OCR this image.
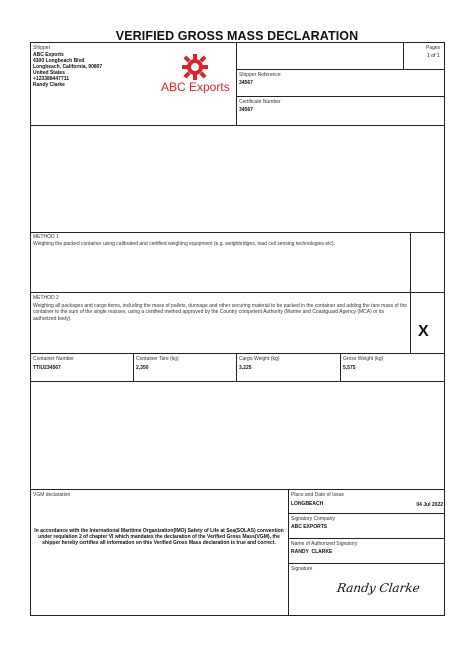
VERIFIED GROSS MASS DECLARATION
Shipper
ABC Exports
4300 Longbeach Blvd
Longbeach, California, 90807
United States
+123388447711
Randy Clarke	ABC Exports
Pages
1 of 1
Shipper Reference
34567
Certificate Number
34567
METHOD 1
Weighing the packed container using calibrated and certified weighing equipment (e.g. weighbridges, load cell sensing technologies etc).
METHOD 2
Weighing all packages and cargo items, including the mass of pallets, dunnage and other securing material to be packed in the container and adding the tare mass of the container to the sum of the single masses, using a certified method approved by the Country competent Authority (Marine and Coastguard Agency (MCA) or its authorized body).
X
Container Number	Container Tare (kg)	Cargo Weight (kg)	Gross Weight (kg)
TTIU234567	2,350	3,225	5,575
VGM declaration
In accordance with the International Maritime Organization(IMO) Safety of Life at Sea(SOLAS) convention under requlation 2 of chapter VI which mandates the declaration of the Verified Gross Mass(VGM), the shipper hereby certifies all information on this Verified Gross Mass declaration is true and correct.
Place and Date of Issue
LONGBEACH	04 Jul 2022
Signatory Company
ABC EXPORTS
Name of Authorized Signatory
RANDY  CLARKE
Signature
Randy Clarke
